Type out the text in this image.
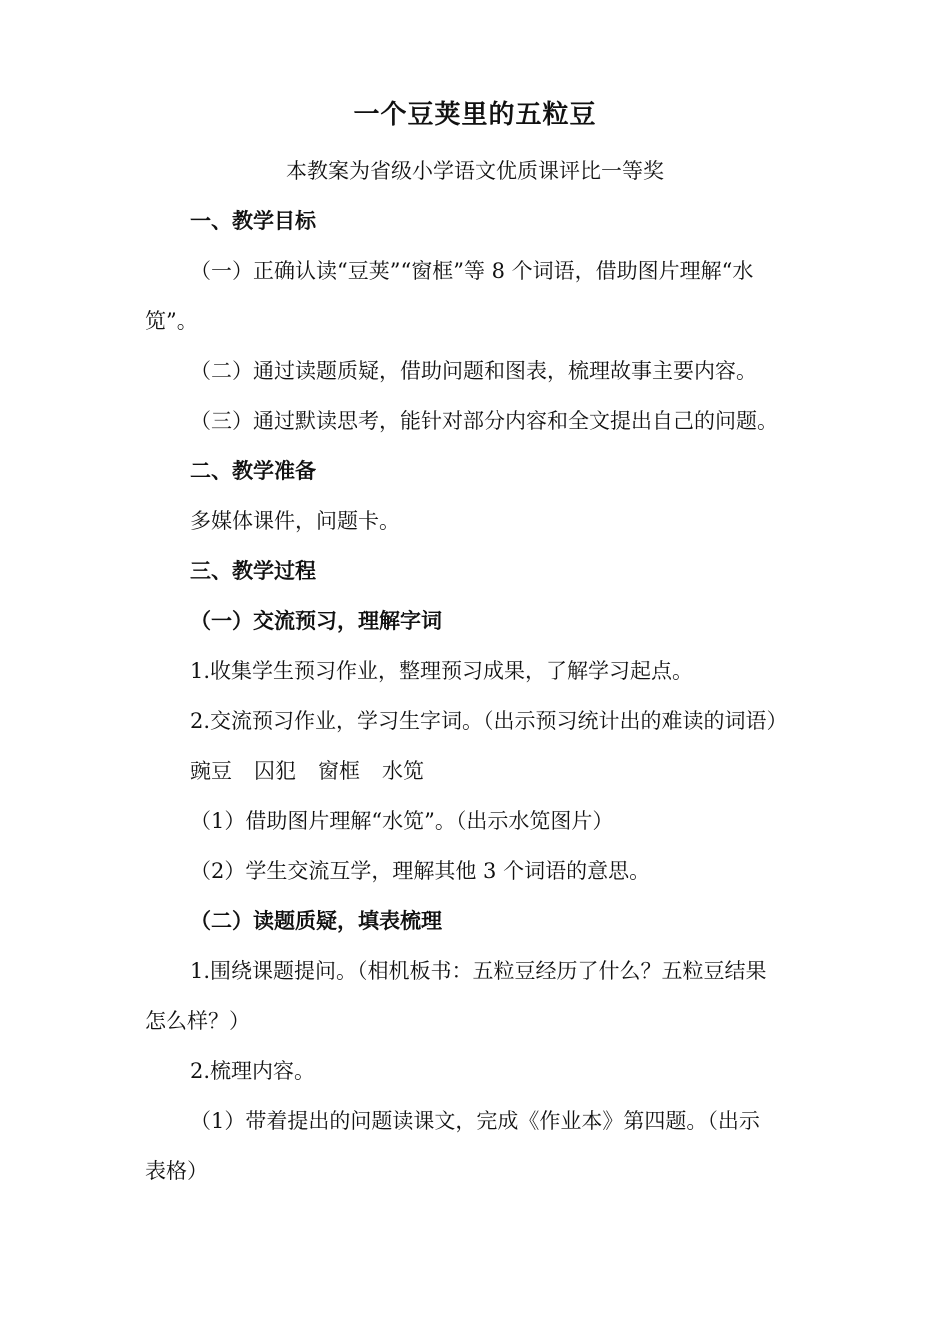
一个豆荚里的五粒豆
本教案为省级小学语文优质课评比一等奖
一、教学目标
（一）正确认读“豆荚”“窗框”等 8 个词语，借助图片理解“水
笕”。
（二）通过读题质疑，借助问题和图表，梳理故事主要内容。
（三）通过默读思考，能针对部分内容和全文提出自己的问题。
二、教学准备
多媒体课件，问题卡。
三、教学过程
（一）交流预习，理解字词
1.收集学生预习作业，整理预习成果，了解学习起点。
2.交流预习作业，学习生字词。（出示预习统计出的难读的词语）
豌豆 囚犯 窗框 水笕
（1）借助图片理解“水笕”。（出示水笕图片）
（2）学生交流互学，理解其他 3 个词语的意思。
（二）读题质疑，填表梳理
1.围绕课题提问。（相机板书：五粒豆经历了什么？五粒豆结果
怎么样？）
2.梳理内容。
（1）带着提出的问题读课文，完成《作业本》第四题。（出示
表格）
